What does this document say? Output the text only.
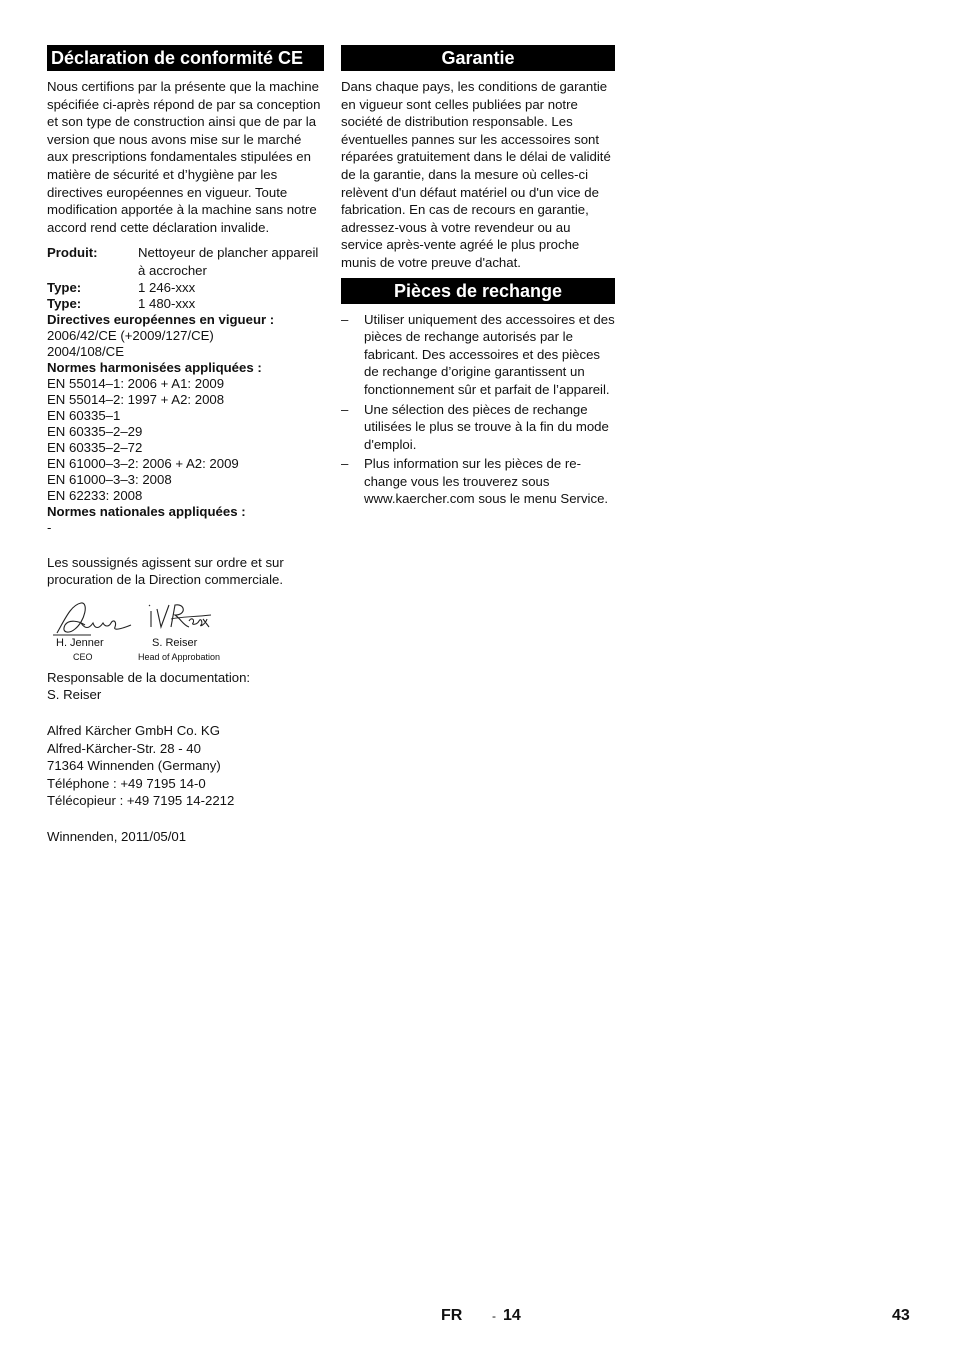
Déclaration de conformité CE

Nous certifions par la présente que la machine spécifiée ci-après répond de par sa conception et son type de construction ainsi que de par la version que nous avons mise sur le marché aux prescriptions fondamentales stipulées en matière de sécurité et d’hygiène par les directives européennes en vigueur. Toute modification apportée à la machine sans notre accord rend cette déclaration invalide.

Produit:	Nettoyeur de plancher appareil à accrocher
Type:	1 246-xxx
Type:	1 480-xxx
Directives européennes en vigueur :
2006/42/CE (+2009/127/CE)
2004/108/CE
Normes harmonisées appliquées :
EN 55014–1: 2006 + A1: 2009
EN 55014–2: 1997 + A2: 2008
EN 60335–1
EN 60335–2–29
EN 60335–2–72
EN 61000–3–2: 2006 + A2: 2009
EN 61000–3–3: 2008
EN 62233: 2008
Normes nationales appliquées :
-

Les soussignés agissent sur ordre et sur procuration de la Direction commerciale.

H. Jenner
CEO
S. Reiser
Head of Approbation

Responsable de la documentation:

S. Reiser

Alfred Kärcher GmbH Co. KG

Alfred-Kärcher-Str. 28 - 40

71364 Winnenden (Germany)

Téléphone : +49 7195 14-0

Télécopieur : +49 7195 14-2212

Winnenden, 2011/05/01

Garantie

Dans chaque pays, les conditions de garantie en vigueur sont celles publiées par notre société de distribution responsable. Les éventuelles pannes sur les accessoires sont réparées gratuitement dans le délai de validité de la garantie, dans la mesure où celles-ci relèvent d'un défaut matériel ou d'un vice de fabrication. En cas de recours en garantie, adressez-vous à votre revendeur ou au service après-vente agréé le plus proche munis de votre preuve d'achat.

Pièces de rechange
– Utiliser uniquement des accessoires et des pièces de rechange autorisés par le fabricant. Des accessoires et des pièces de rechange d’origine garantissent un fonctionnement sûr et parfait de l’appareil.
– Une sélection des pièces de rechange utilisées le plus se trouve à la fin du mode d'emploi.
– Plus information sur les pièces de rechange vous les trouverez sous www.kaercher.com sous le menu Service.
FR - 14	43
